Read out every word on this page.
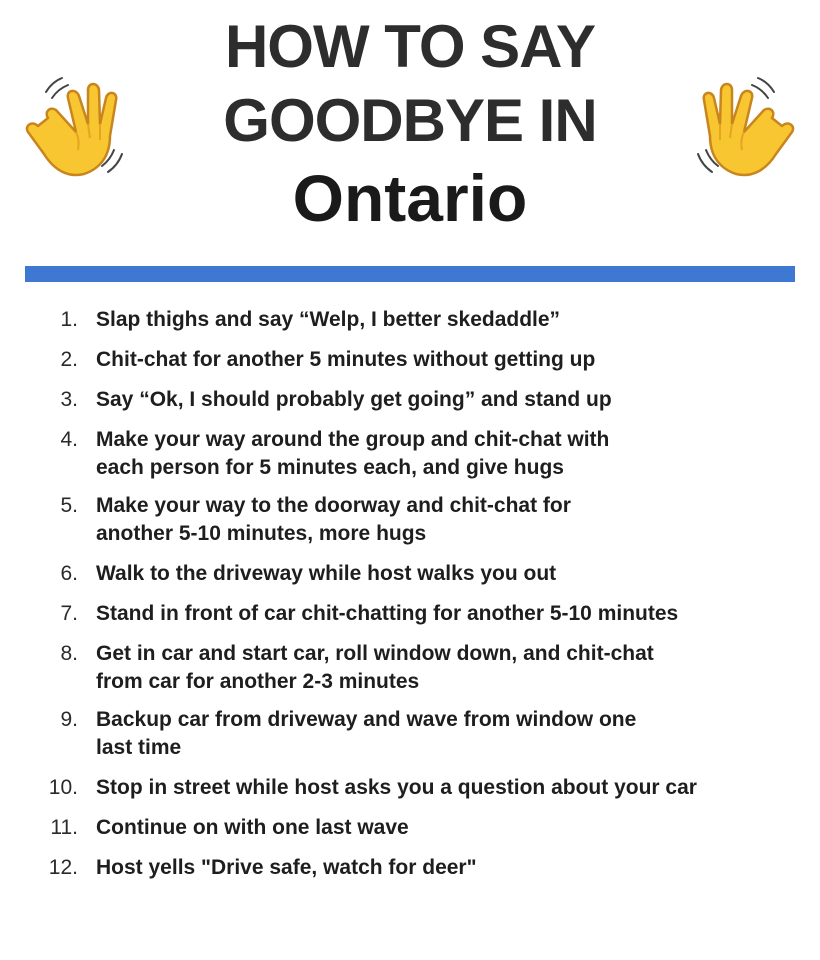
HOW TO SAY
GOODBYE IN
Ontario
1. Slap thighs and say “Welp, I better skedaddle”
2. Chit-chat for another 5 minutes without getting up
3. Say “Ok, I should probably get going” and stand up
4. Make your way around the group and chit-chat with
each person for 5 minutes each, and give hugs
5. Make your way to the doorway and chit-chat for
another 5-10 minutes, more hugs
6. Walk to the driveway while host walks you out
7. Stand in front of car chit-chatting for another 5-10 minutes
8. Get in car and start car, roll window down, and chit-chat
from car for another 2-3 minutes
9. Backup car from driveway and wave from window one
last time
10. Stop in street while host asks you a question about your car
11. Continue on with one last wave
12. Host yells "Drive safe, watch for deer"
